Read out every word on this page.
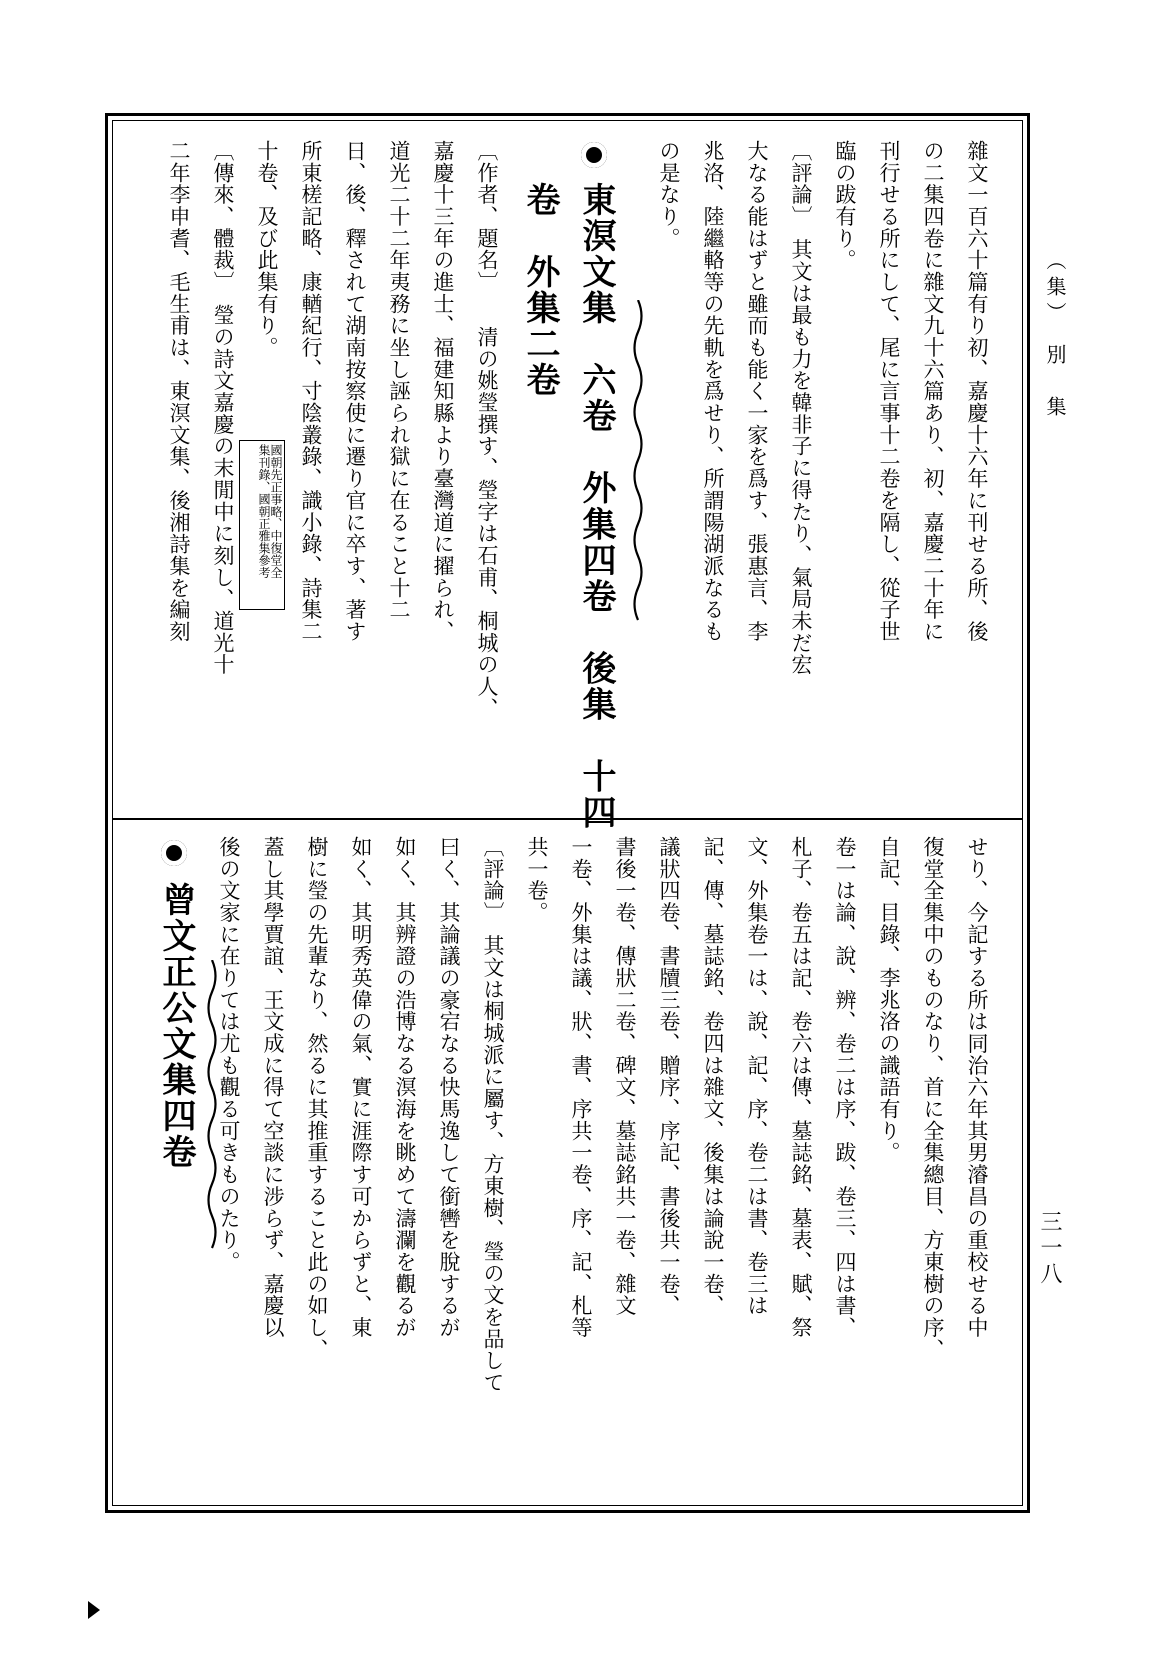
（集）　別　集
三一八
雜文一百六十篇有り初、嘉慶十六年に刊せる所、後
の二集四卷に雜文九十六篇あり、初、嘉慶二十年に
刊行せる所にして、尾に言事十二卷を隔し、從子世
臨の跋有り。
〔評論〕　其文は最も力を韓非子に得たり、氣局未だ宏
大なる能はずと雖而も能く一家を爲す、張惠言、李
兆洛、陸繼輅等の先軌を爲せり、所謂陽湖派なるも
の是なり。
東溟文集　六卷　外集四卷　後集　十四
卷　外集二卷
〔作者、題名〕　　清の姚瑩撰す、瑩字は石甫、桐城の人、
嘉慶十三年の進士、福建知縣より臺灣道に擢られ、
道光二十二年夷務に坐し誣られ獄に在ること十二
日、後、釋されて湖南按察使に遷り官に卒す、著す
所東槎記略、康輶紀行、寸陰叢錄、識小錄、詩集二
十卷、及び此集有り。
國朝先正事略、中復堂全
集刊錄、國朝正雅集參考
〔傳來、體裁〕　瑩の詩文嘉慶の末閒中に刻し、道光十
二年李申耆、毛生甫は、東溟文集、後湘詩集を編刻
せり、今記する所は同治六年其男濬昌の重校せる中
復堂全集中のものなり、首に全集總目、方東樹の序、
自記、目錄、李兆洛の識語有り。
卷一は論、說、辨、卷二は序、跋、卷三、四は書、
札子、卷五は記、卷六は傳、墓誌銘、墓表、賦、祭
文、外集卷一は、說、記、序、卷二は書、卷三は
記、傳、墓誌銘、卷四は雜文、後集は論說一卷、
議狀四卷、書牘三卷、贈序、序記、書後共一卷、
書後一卷、傳狀二卷、碑文、墓誌銘共一卷、雜文
一卷、外集は議、狀、書、序共一卷、序、記、札等
共一卷。
〔評論〕　其文は桐城派に屬す、方東樹、瑩の文を品して
曰く、其論議の豪宕なる快馬逸して銜轡を脫するが
如く、其辨證の浩博なる溟海を眺めて濤瀾を觀るが
如く、其明秀英偉の氣、實に涯際す可からずと、東
樹に瑩の先輩なり、然るに其推重すること此の如し、
蓋し其學賈誼、王文成に得て空談に涉らず、嘉慶以
後の文家に在りては尤も觀る可きものたり。
曾文正公文集四卷
